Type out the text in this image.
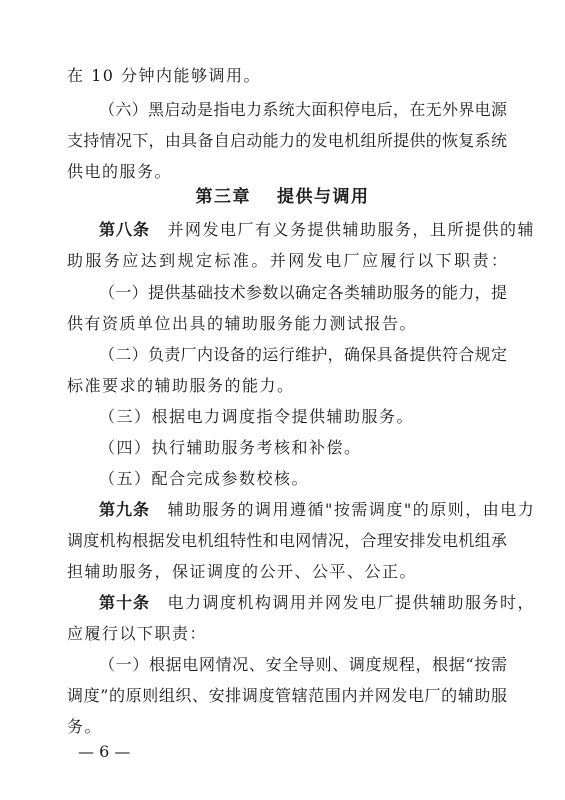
在 10 分钟内能够调用。
（六）黑启动是指电力系统大面积停电后，在无外界电源
支持情况下，由具备自启动能力的发电机组所提供的恢复系统
供电的服务。
第三章　 提供与调用
第八条　 并网发电厂有义务提供辅助服务，且所提供的辅
助服务应达到规定标准。并网发电厂应履行以下职责：
（一）提供基础技术参数以确定各类辅助服务的能力，提
供有资质单位出具的辅助服务能力测试报告。
（二）负责厂内设备的运行维护，确保具备提供符合规定
标准要求的辅助服务的能力。
（三）根据电力调度指令提供辅助服务。
（四）执行辅助服务考核和补偿。
（五）配合完成参数校核。
第九条　 辅助服务的调用遵循"按需调度"的原则，由电力
调度机构根据发电机组特性和电网情况，合理安排发电机组承
担辅助服务，保证调度的公开、公平、公正。
第十条　 电力调度机构调用并网发电厂提供辅助服务时，
应履行以下职责：
（一）根据电网情况、安全导则、调度规程，根据“按需
调度”的原则组织、安排调度管辖范围内并网发电厂的辅助服
务。
— 6 —
